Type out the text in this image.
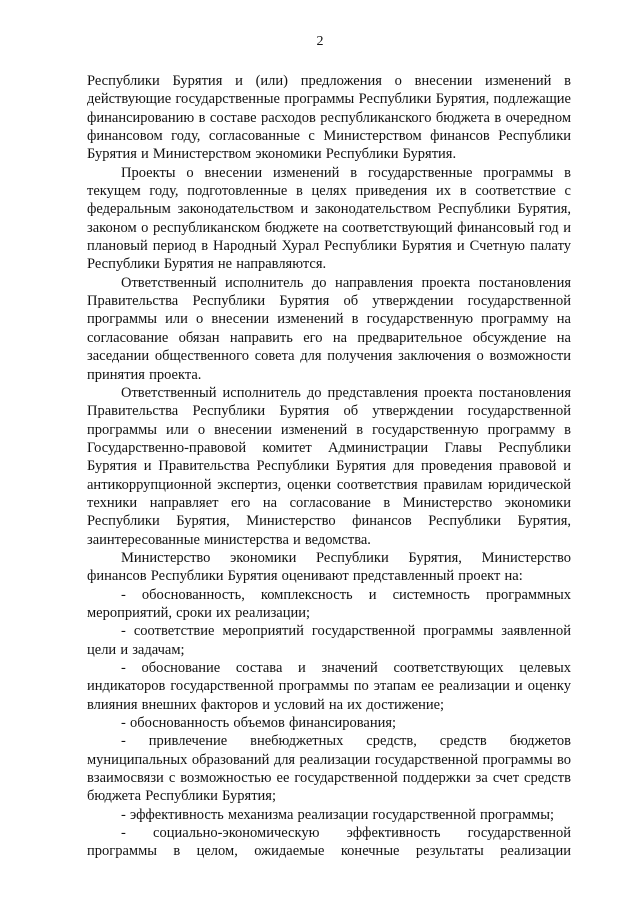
2

Республики Бурятия и (или) предложения о внесении изменений в действующие государственные программы Республики Бурятия, подлежащие финансированию в составе расходов республиканского бюджета в очередном финансовом году, согласованные с Министерством финансов Республики Бурятия и Министерством экономики Республики Бурятия.

Проекты о внесении изменений в государственные программы в текущем году, подготовленные в целях приведения их в соответствие с федеральным законодательством и законодательством Республики Бурятия, законом о республиканском бюджете на соответствующий финансовый год и плановый период в Народный Хурал Республики Бурятия и Счетную палату Республики Бурятия не направляются.

Ответственный исполнитель до направления проекта постановления Правительства Республики Бурятия об утверждении государственной программы или о внесении изменений в государственную программу на согласование обязан направить его на предварительное обсуждение на заседании общественного совета для получения заключения о возможности принятия проекта.

Ответственный исполнитель до представления проекта постановления Правительства Республики Бурятия об утверждении государственной программы или о внесении изменений в государственную программу в Государственно-правовой комитет Администрации Главы Республики Бурятия и Правительства Республики Бурятия для проведения правовой и антикоррупционной экспертиз, оценки соответствия правилам юридической техники направляет его на согласование в Министерство экономики Республики Бурятия, Министерство финансов Республики Бурятия, заинтересованные министерства и ведомства.

Министерство экономики Республики Бурятия, Министерство финансов Республики Бурятия оценивают представленный проект на:

- обоснованность, комплексность и системность программных мероприятий, сроки их реализации;

- соответствие мероприятий государственной программы заявленной цели и задачам;

- обоснование состава и значений соответствующих целевых индикаторов государственной программы по этапам ее реализации и оценку влияния внешних факторов и условий на их достижение;

- обоснованность объемов финансирования;

- привлечение внебюджетных средств, средств бюджетов муниципальных образований для реализации государственной программы во взаимосвязи с возможностью ее государственной поддержки за счет средств бюджета Республики Бурятия;

- эффективность механизма реализации государственной программы;

- социально-экономическую эффективность государственной программы в целом, ожидаемые конечные результаты реализации
